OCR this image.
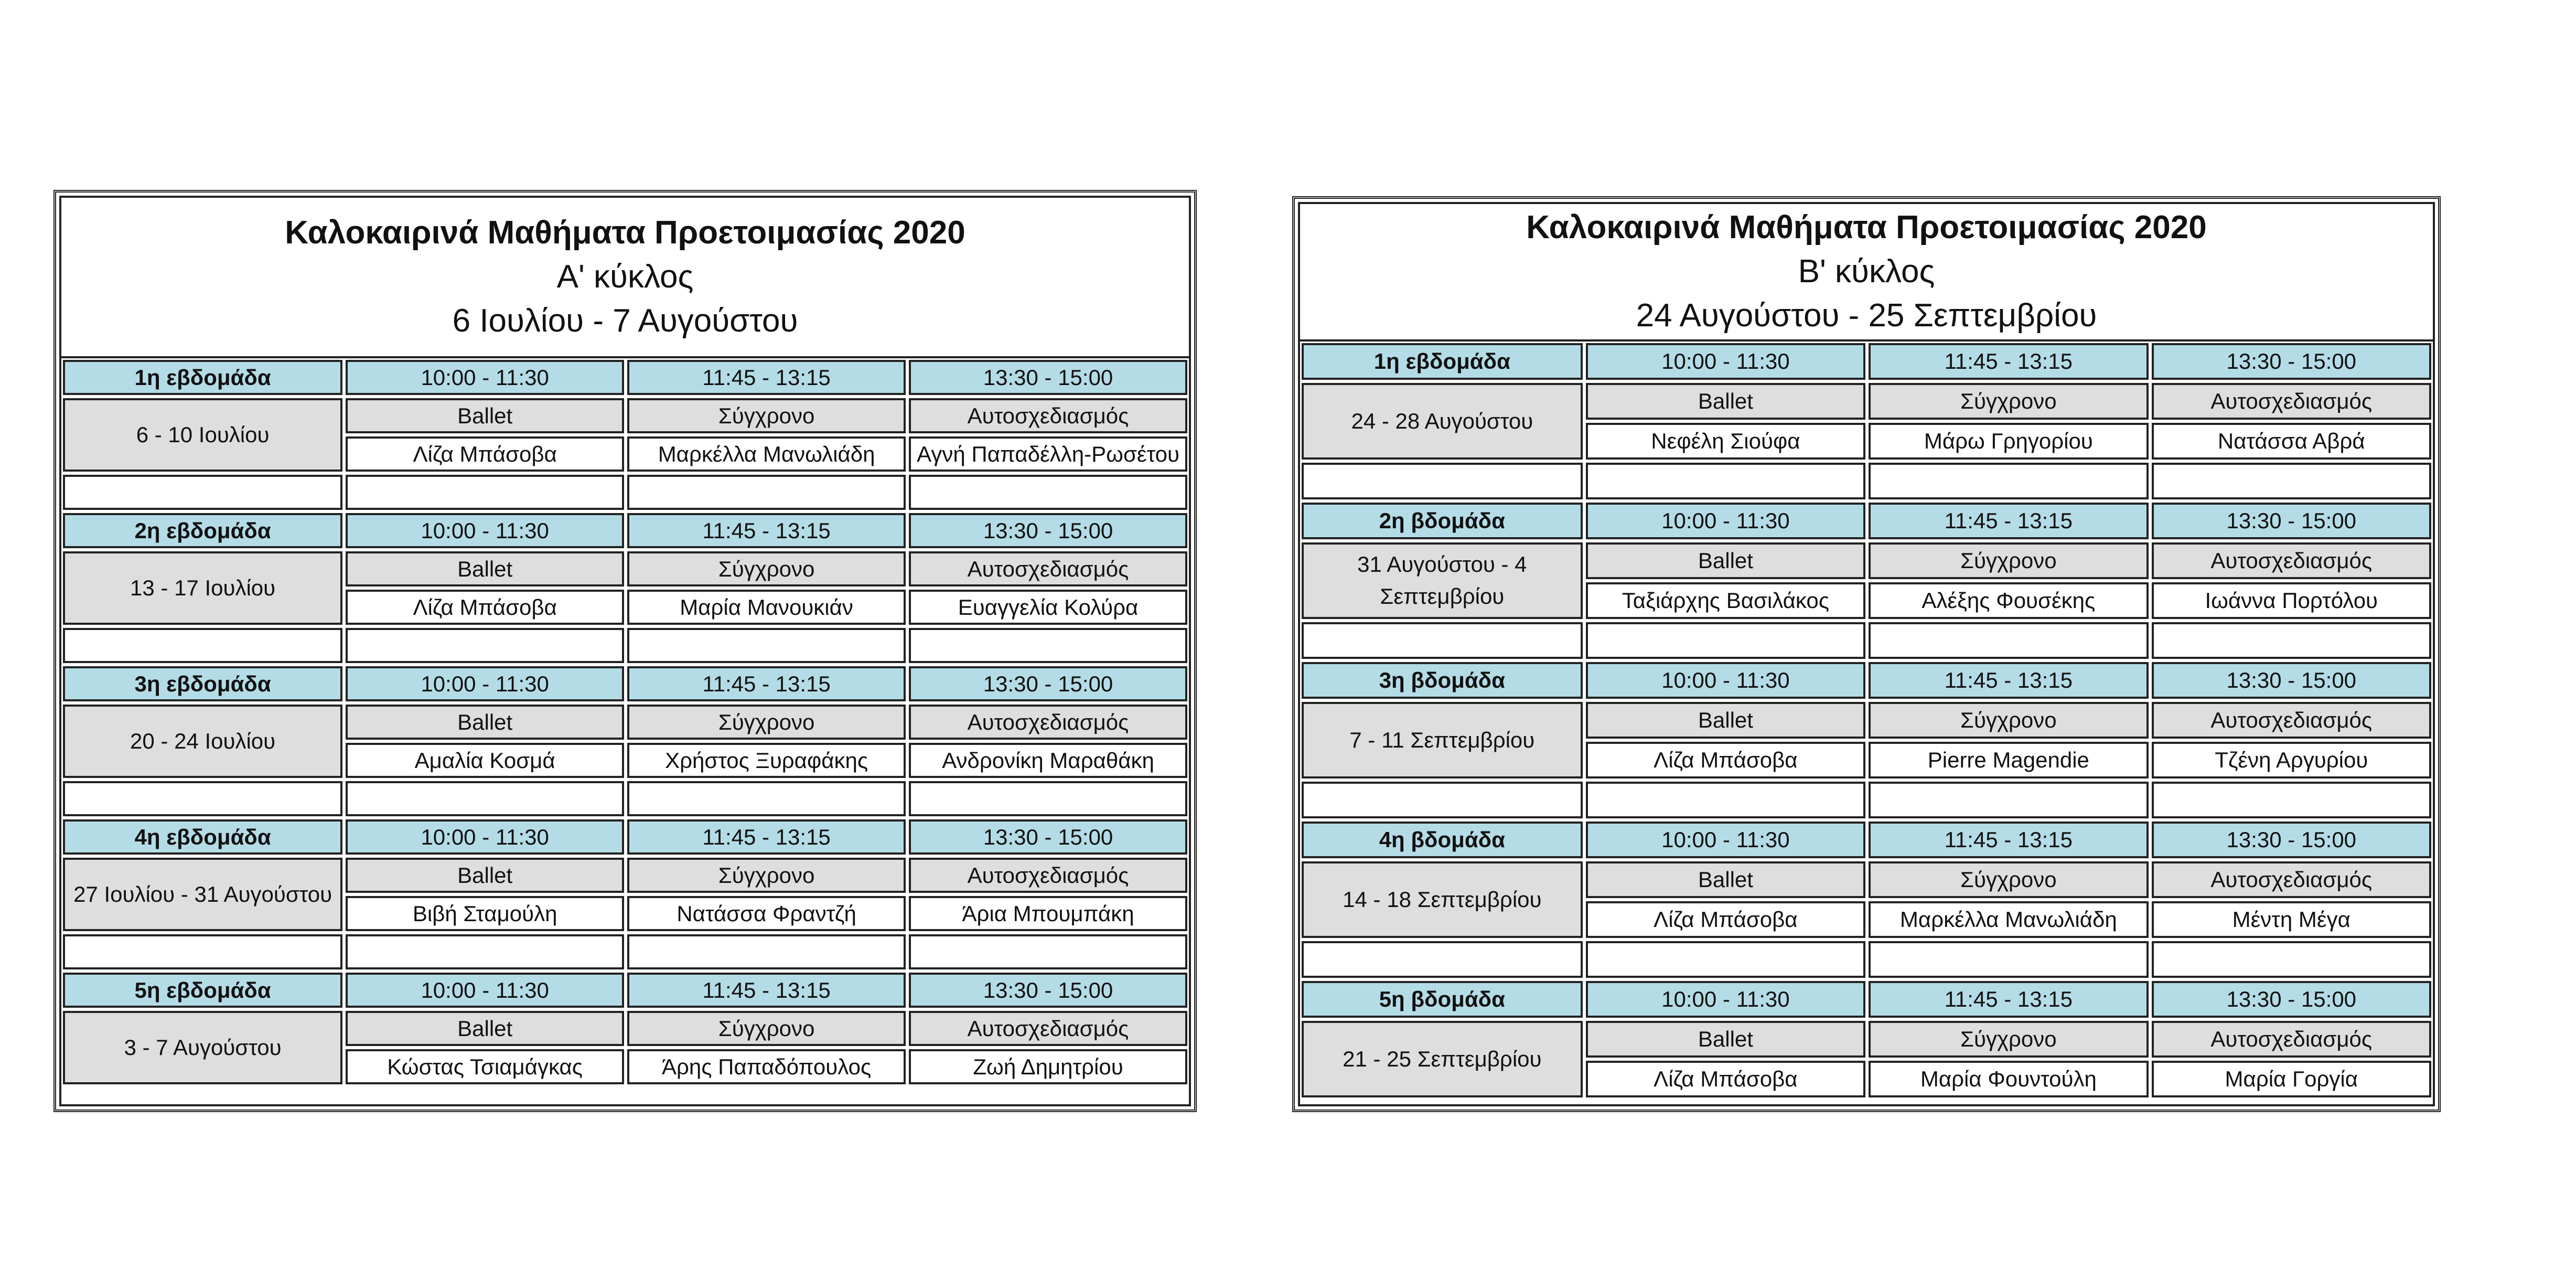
Καλοκαιρινά Μαθήματα Προετοιμασίας 2020
Α' κύκλος
6 Ιουλίου - 7 Αυγούστου
1η εβδομάδα	10:00 - 11:30	11:45 - 13:15	13:30 - 15:00
6 - 10 Ιουλίου
Ballet	Σύγχρονο	Αυτοσχεδιασμός
Λίζα Μπάσοβα	Μαρκέλλα Μανωλιάδη	Αγνή Παπαδέλλη-Ρωσέτου
2η εβδομάδα	10:00 - 11:30	11:45 - 13:15	13:30 - 15:00
13 - 17 Ιουλίου
Ballet	Σύγχρονο	Αυτοσχεδιασμός
Λίζα Μπάσοβα	Μαρία Μανουκιάν	Ευαγγελία Κολύρα
3η εβδομάδα	10:00 - 11:30	11:45 - 13:15	13:30 - 15:00
20 - 24 Ιουλίου
Ballet	Σύγχρονο	Αυτοσχεδιασμός
Αμαλία Κοσμά	Χρήστος Ξυραφάκης	Ανδρονίκη Μαραθάκη
4η εβδομάδα	10:00 - 11:30	11:45 - 13:15	13:30 - 15:00
27 Ιουλίου - 31 Αυγούστου
Ballet	Σύγχρονο	Αυτοσχεδιασμός
Βιβή Σταμούλη	Νατάσσα Φραντζή	Άρια Μπουμπάκη
5η εβδομάδα	10:00 - 11:30	11:45 - 13:15	13:30 - 15:00
3 - 7 Αυγούστου
Ballet	Σύγχρονο	Αυτοσχεδιασμός
Κώστας Τσιαμάγκας	Άρης Παπαδόπουλος	Ζωή Δημητρίου
Καλοκαιρινά Μαθήματα Προετοιμασίας 2020
Β' κύκλος
24 Αυγούστου - 25 Σεπτεμβρίου
1η εβδομάδα	10:00 - 11:30	11:45 - 13:15	13:30 - 15:00
24 - 28 Αυγούστου
Ballet	Σύγχρονο	Αυτοσχεδιασμός
Νεφέλη Σιούφα	Μάρω Γρηγορίου	Νατάσσα Αβρά
2η βδομάδα	10:00 - 11:30	11:45 - 13:15	13:30 - 15:00
31 Αυγούστου - 4 Σεπτεμβρίου
Ballet	Σύγχρονο	Αυτοσχεδιασμός
Ταξιάρχης Βασιλάκος	Αλέξης Φουσέκης	Ιωάννα Πορτόλου
3η βδομάδα	10:00 - 11:30	11:45 - 13:15	13:30 - 15:00
7 - 11 Σεπτεμβρίου
Ballet	Σύγχρονο	Αυτοσχεδιασμός
Λίζα Μπάσοβα	Pierre Magendie	Τζένη Αργυρίου
4η βδομάδα	10:00 - 11:30	11:45 - 13:15	13:30 - 15:00
14 - 18 Σεπτεμβρίου
Ballet	Σύγχρονο	Αυτοσχεδιασμός
Λίζα Μπάσοβα	Μαρκέλλα Μανωλιάδη	Μέντη Μέγα
5η βδομάδα	10:00 - 11:30	11:45 - 13:15	13:30 - 15:00
21 - 25 Σεπτεμβρίου
Ballet	Σύγχρονο	Αυτοσχεδιασμός
Λίζα Μπάσοβα	Μαρία Φουντούλη	Μαρία Γοργία
